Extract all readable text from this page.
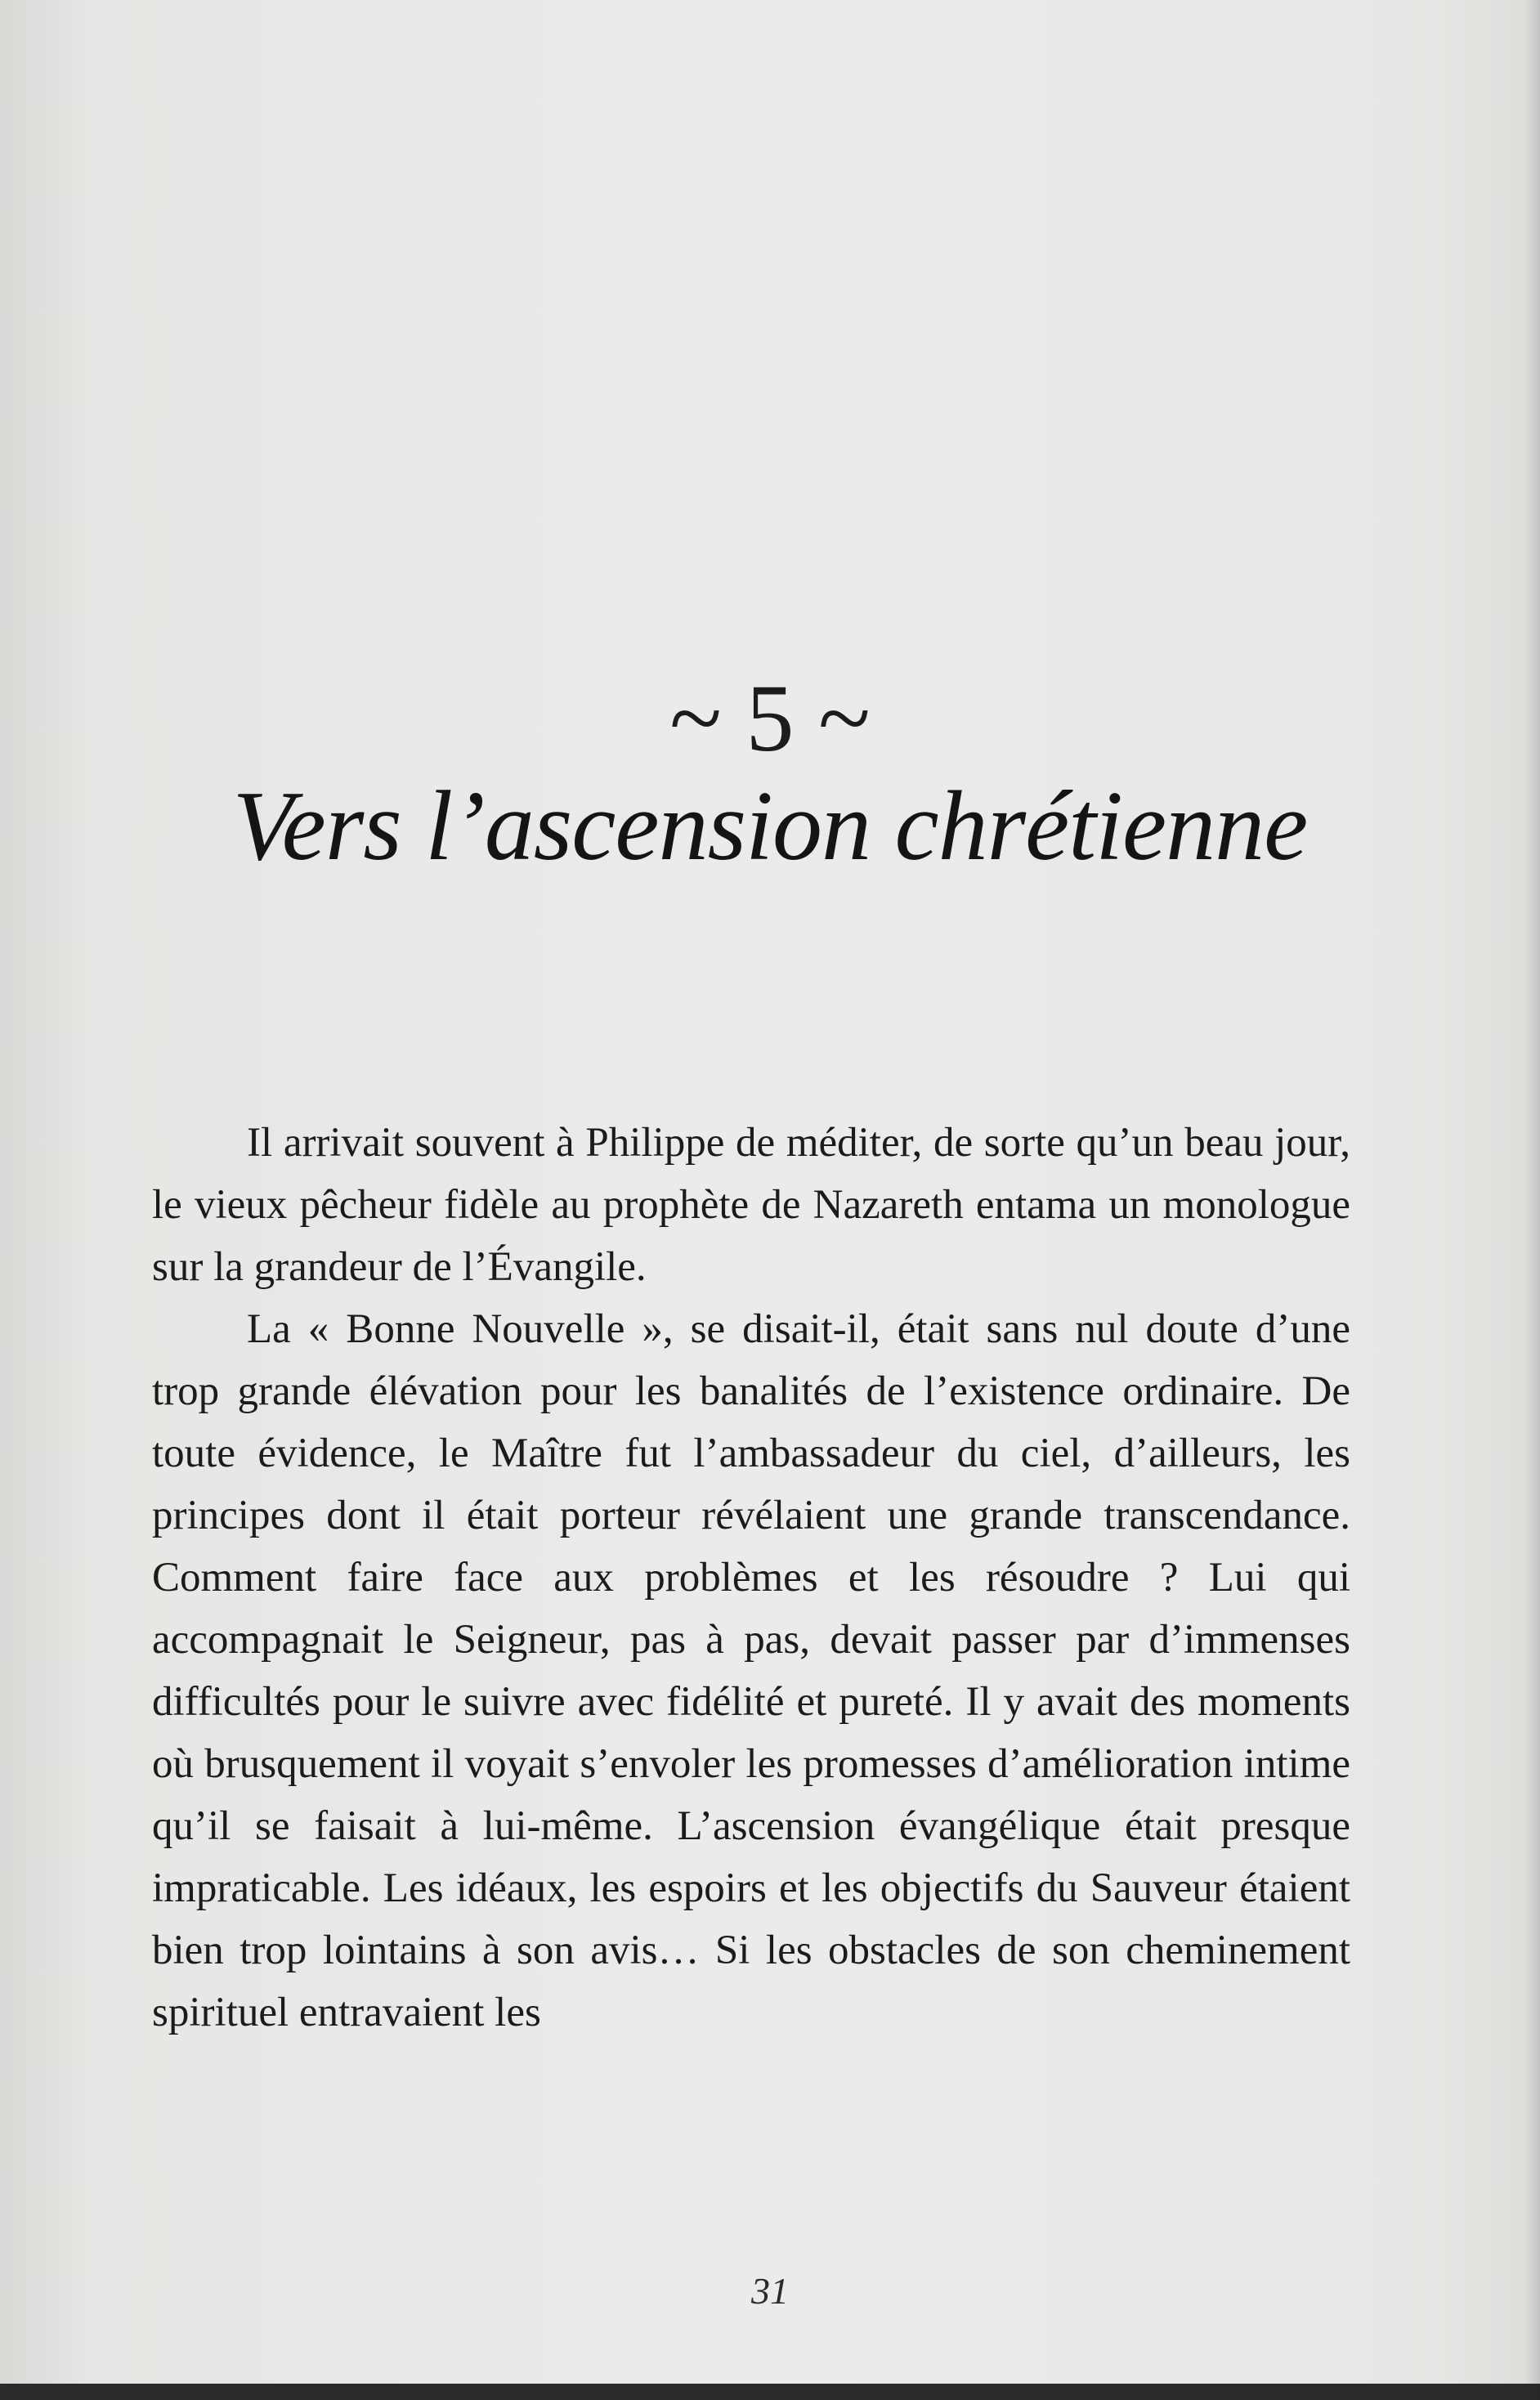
~ 5 ~
Vers l’ascension chrétienne

Il arrivait souvent à Philippe de méditer, de sorte qu’un beau jour, le vieux pêcheur fidèle au prophète de Nazareth entama un monologue sur la grandeur de l’Évangile.

La « Bonne Nouvelle », se disait-il, était sans nul doute d’une trop grande élévation pour les banalités de l’existence ordinaire. De toute évidence, le Maître fut l’ambassadeur du ciel, d’ailleurs, les principes dont il était porteur révélaient une grande transcendance. Comment faire face aux problèmes et les résoudre ? Lui qui accompagnait le Seigneur, pas à pas, devait passer par d’immenses difficultés pour le suivre avec fidélité et pureté. Il y avait des moments où brusquement il voyait s’envoler les promesses d’amélioration intime qu’il se faisait à lui-même. L’ascension évangélique était presque impraticable. Les idéaux, les espoirs et les objectifs du Sauveur étaient bien trop lointains à son avis… Si les obstacles de son cheminement spirituel entravaient les

31
